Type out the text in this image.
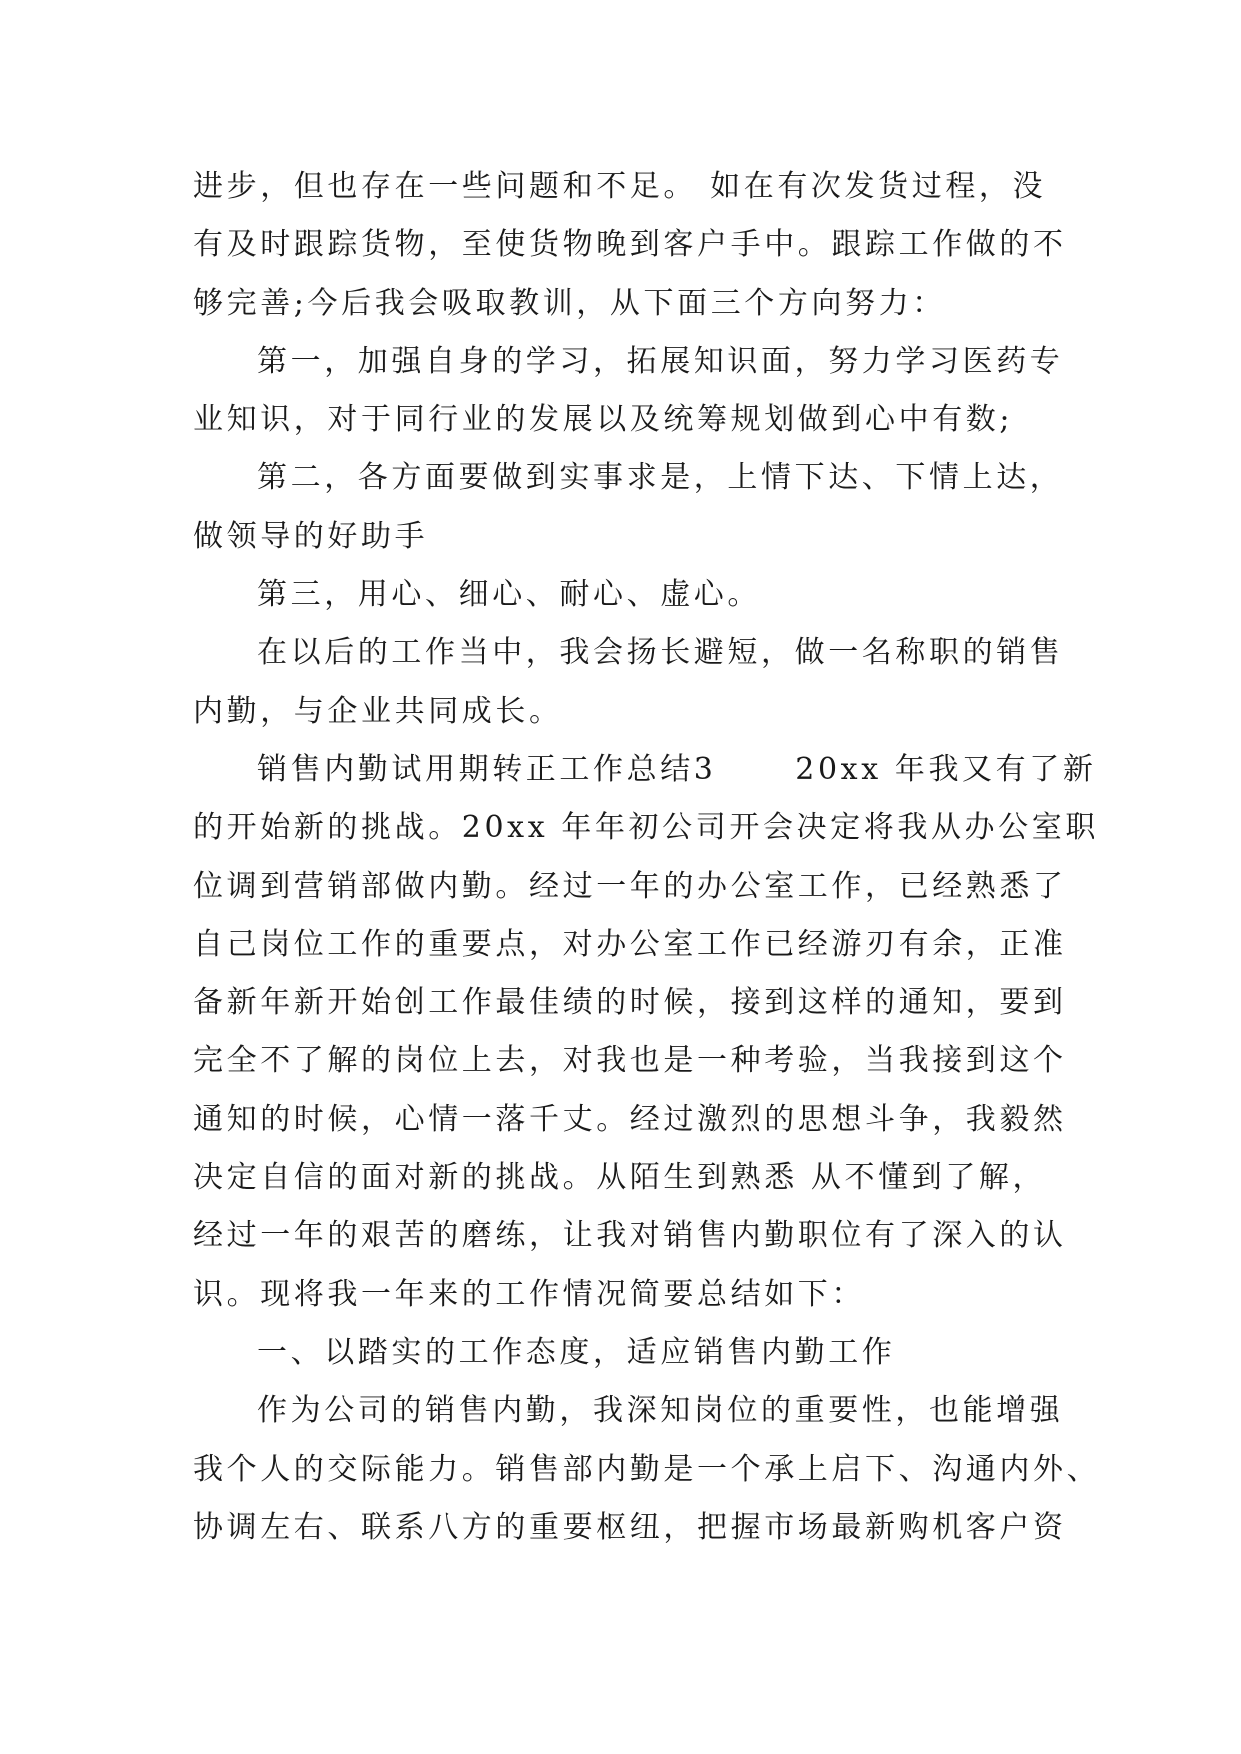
进步，但也存在一些问题和不足。 如在有次发货过程，没
有及时跟踪货物，至使货物晚到客户手中。跟踪工作做的不
够完善;今后我会吸取教训，从下面三个方向努力：
第一，加强自身的学习，拓展知识面，努力学习医药专
业知识，对于同行业的发展以及统筹规划做到心中有数;
第二，各方面要做到实事求是，上情下达、下情上达，
做领导的好助手
第三，用心、细心、耐心、虚心。
在以后的工作当中，我会扬长避短，做一名称职的销售
内勤，与企业共同成长。
销售内勤试用期转正工作总结3      20xx 年我又有了新
的开始新的挑战。20xx 年年初公司开会决定将我从办公室职
位调到营销部做内勤。经过一年的办公室工作，已经熟悉了
自己岗位工作的重要点，对办公室工作已经游刃有余，正准
备新年新开始创工作最佳绩的时候，接到这样的通知，要到
完全不了解的岗位上去，对我也是一种考验，当我接到这个
通知的时候，心情一落千丈。经过激烈的思想斗争，我毅然
决定自信的面对新的挑战。从陌生到熟悉 从不懂到了解，
经过一年的艰苦的磨练，让我对销售内勤职位有了深入的认
识。现将我一年来的工作情况简要总结如下：
一、以踏实的工作态度，适应销售内勤工作
作为公司的销售内勤，我深知岗位的重要性，也能增强
我个人的交际能力。销售部内勤是一个承上启下、沟通内外、
协调左右、联系八方的重要枢纽，把握市场最新购机客户资
